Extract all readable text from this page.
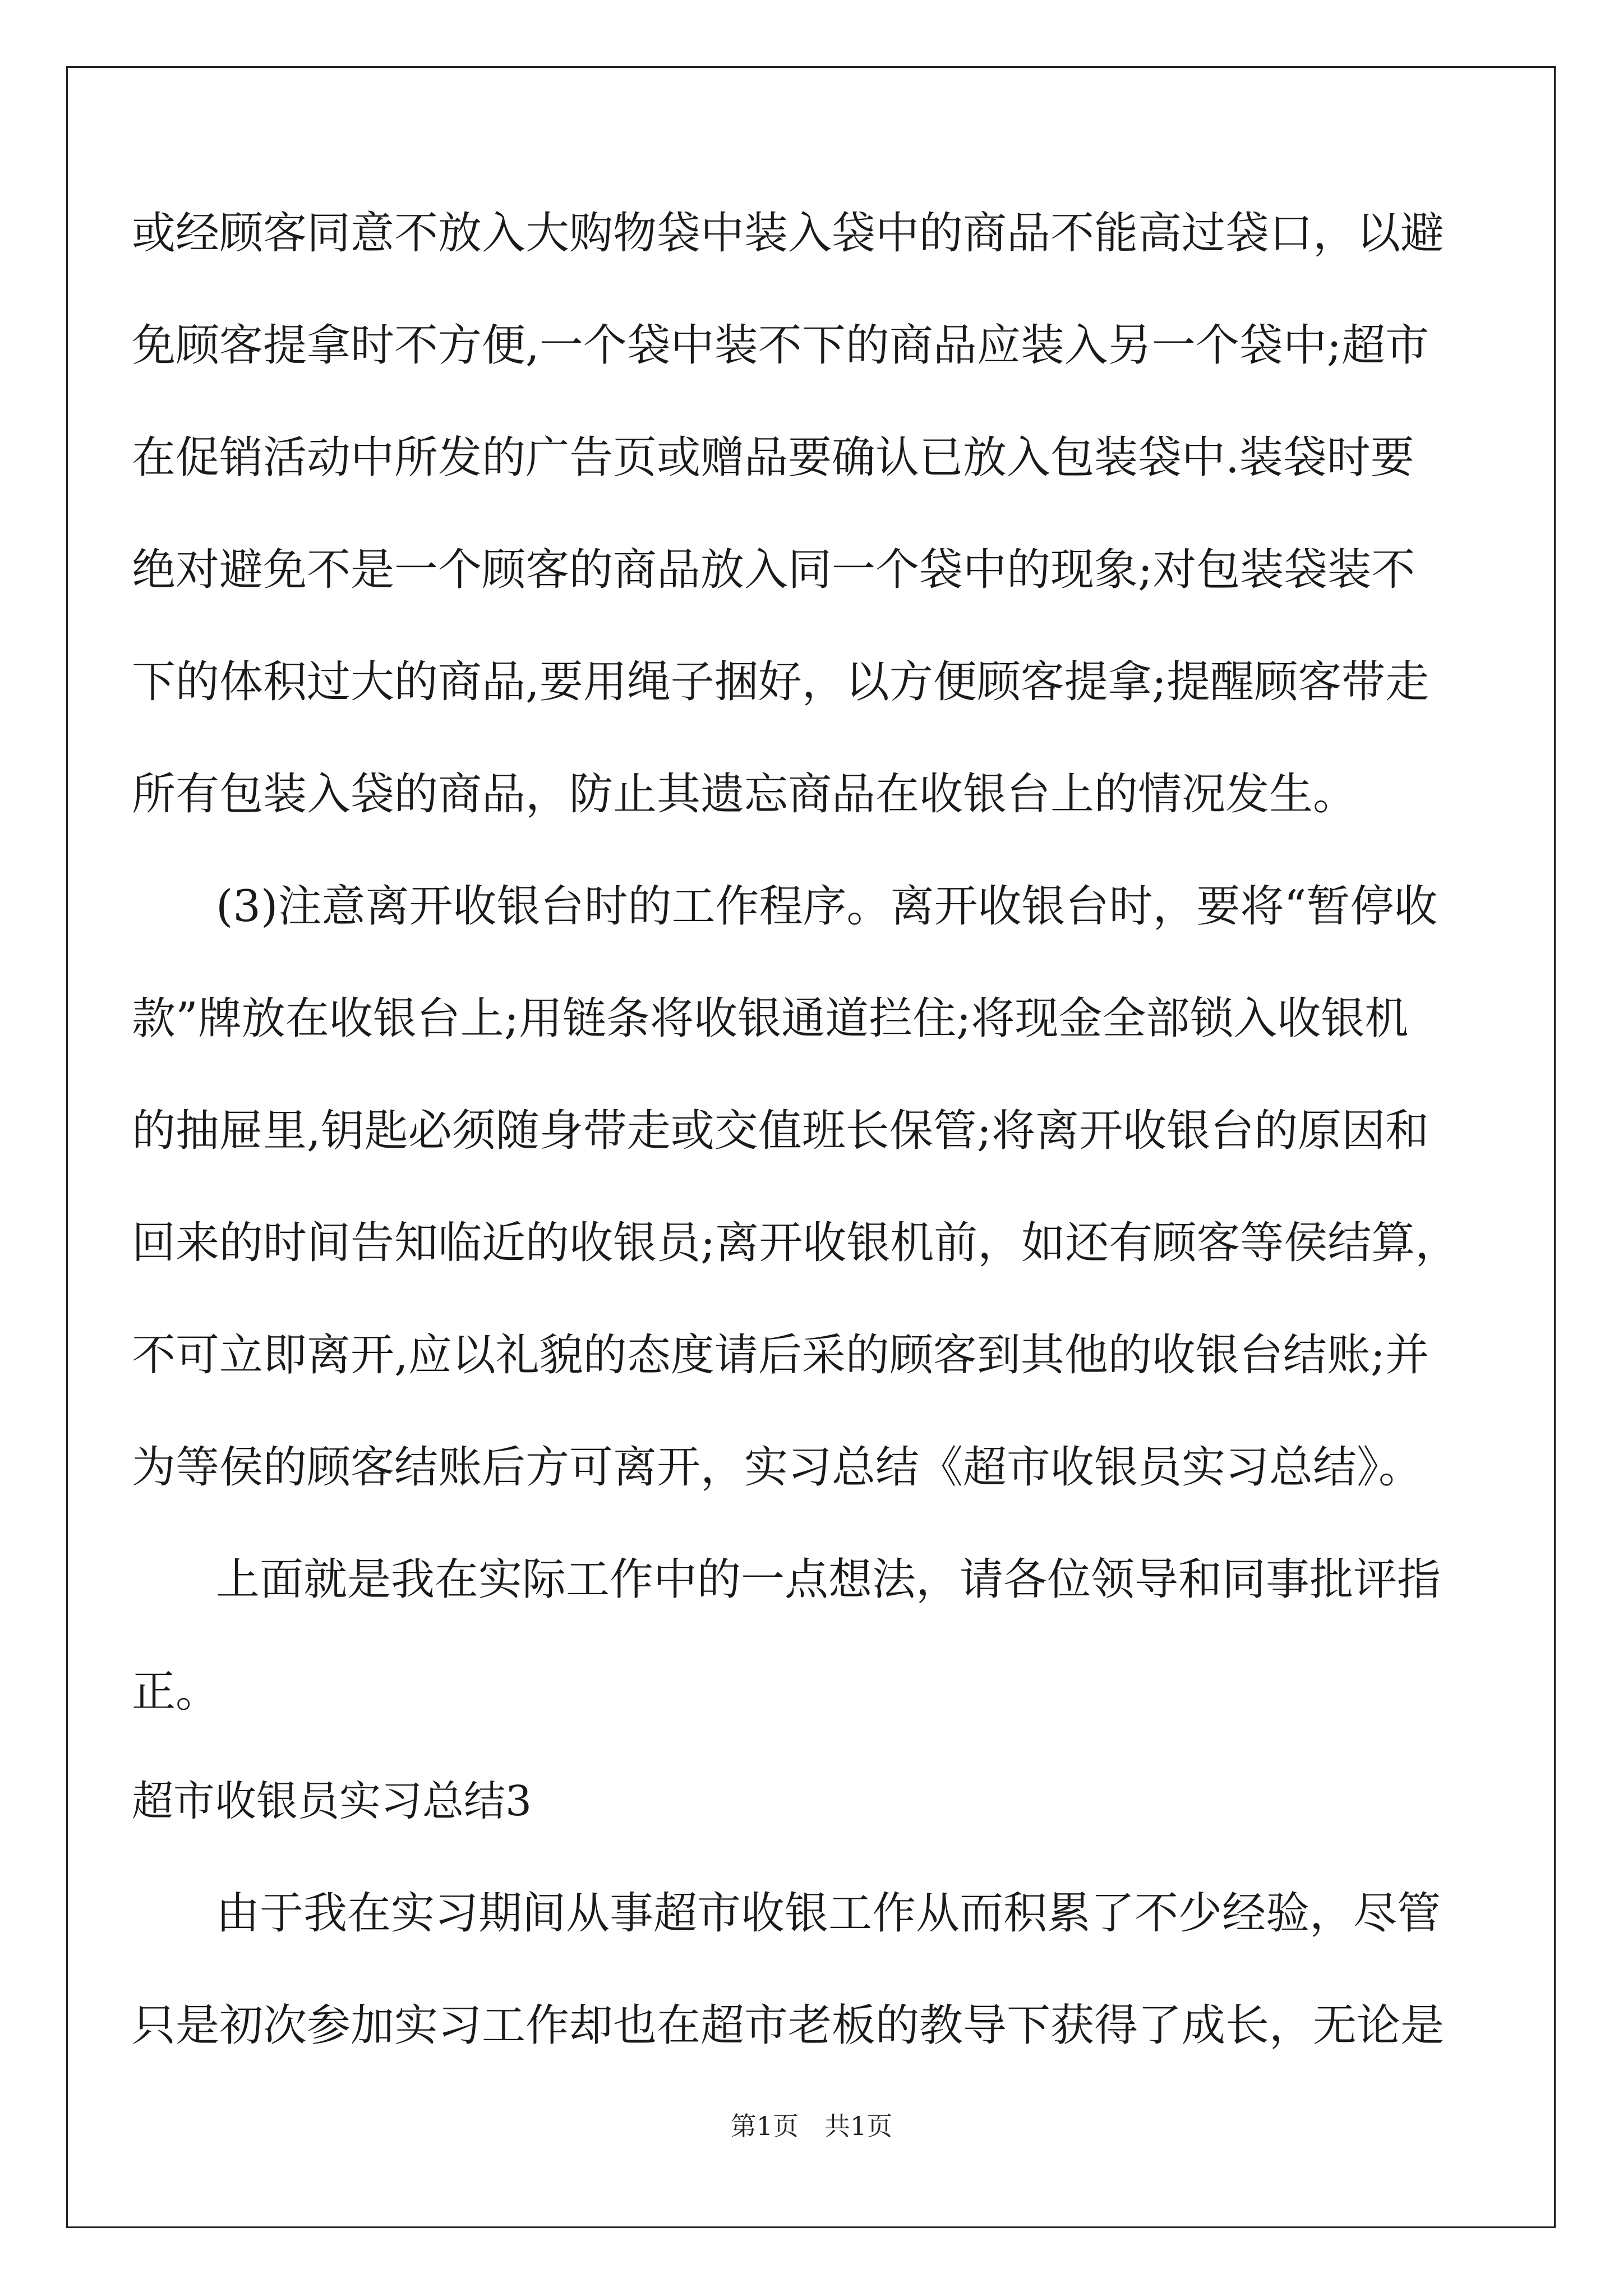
或经顾客同意不放入大购物袋中装入袋中的商品不能高过袋口，以避
免顾客提拿时不方便,一个袋中装不下的商品应装入另一个袋中;超市
在促销活动中所发的广告页或赠品要确认已放入包装袋中.装袋时要
绝对避免不是一个顾客的商品放入同一个袋中的现象;对包装袋装不
下的体积过大的商品,要用绳子捆好，以方便顾客提拿;提醒顾客带走
所有包装入袋的商品，防止其遗忘商品在收银台上的情况发生。
(3)注意离开收银台时的工作程序。离开收银台时，要将“暂停收
款”牌放在收银台上;用链条将收银通道拦住;将现金全部锁入收银机
的抽屉里,钥匙必须随身带走或交值班长保管;将离开收银台的原因和
回来的时间告知临近的收银员;离开收银机前，如还有顾客等侯结算，
不可立即离开,应以礼貌的态度请后采的顾客到其他的收银台结账;并
为等侯的顾客结账后方可离开，实习总结《超市收银员实习总结》。
上面就是我在实际工作中的一点想法，请各位领导和同事批评指
正。
超市收银员实习总结3
由于我在实习期间从事超市收银工作从而积累了不少经验，尽管
只是初次参加实习工作却也在超市老板的教导下获得了成长，无论是
第1页　共1页
